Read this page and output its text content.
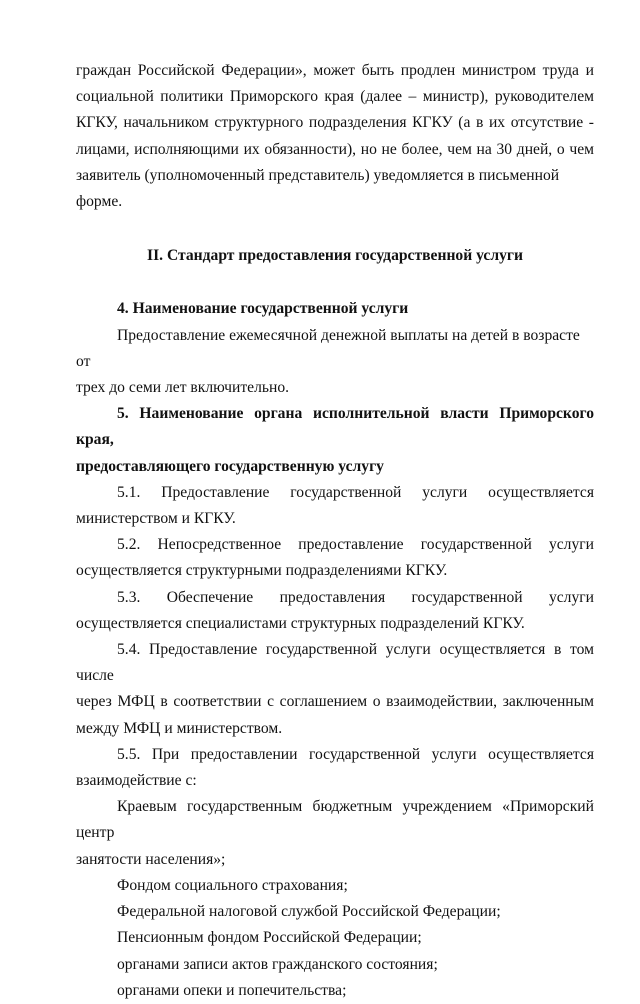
граждан Российской Федерации», может быть продлен министром труда и

социальной политики Приморского края (далее – министр), руководителем

КГКУ, начальником структурного подразделения КГКУ (а в их отсутствие -

лицами, исполняющими их обязанности), но не более, чем на 30 дней, о чем

заявитель (уполномоченный представитель) уведомляется в письменной форме.

II. Стандарт предоставления государственной услуги

4. Наименование государственной услуги

Предоставление ежемесячной денежной выплаты на детей в возрасте от

трех до семи лет включительно.

5. Наименование органа исполнительной власти Приморского края,

предоставляющего государственную услугу

5.1. Предоставление государственной услуги осуществляется

министерством и КГКУ.

5.2. Непосредственное предоставление государственной услуги

осуществляется структурными подразделениями КГКУ.

5.3. Обеспечение предоставления государственной услуги

осуществляется специалистами структурных подразделений КГКУ.

5.4. Предоставление государственной услуги осуществляется в том числе

через МФЦ в соответствии с соглашением о взаимодействии, заключенным

между МФЦ и министерством.

5.5. При предоставлении государственной услуги осуществляется

взаимодействие с:

Краевым государственным бюджетным учреждением «Приморский центр

занятости населения»;

Фондом социального страхования;

Федеральной налоговой службой Российской Федерации;

Пенсионным фондом Российской Федерации;

органами записи актов гражданского состояния;

органами опеки и попечительства;
